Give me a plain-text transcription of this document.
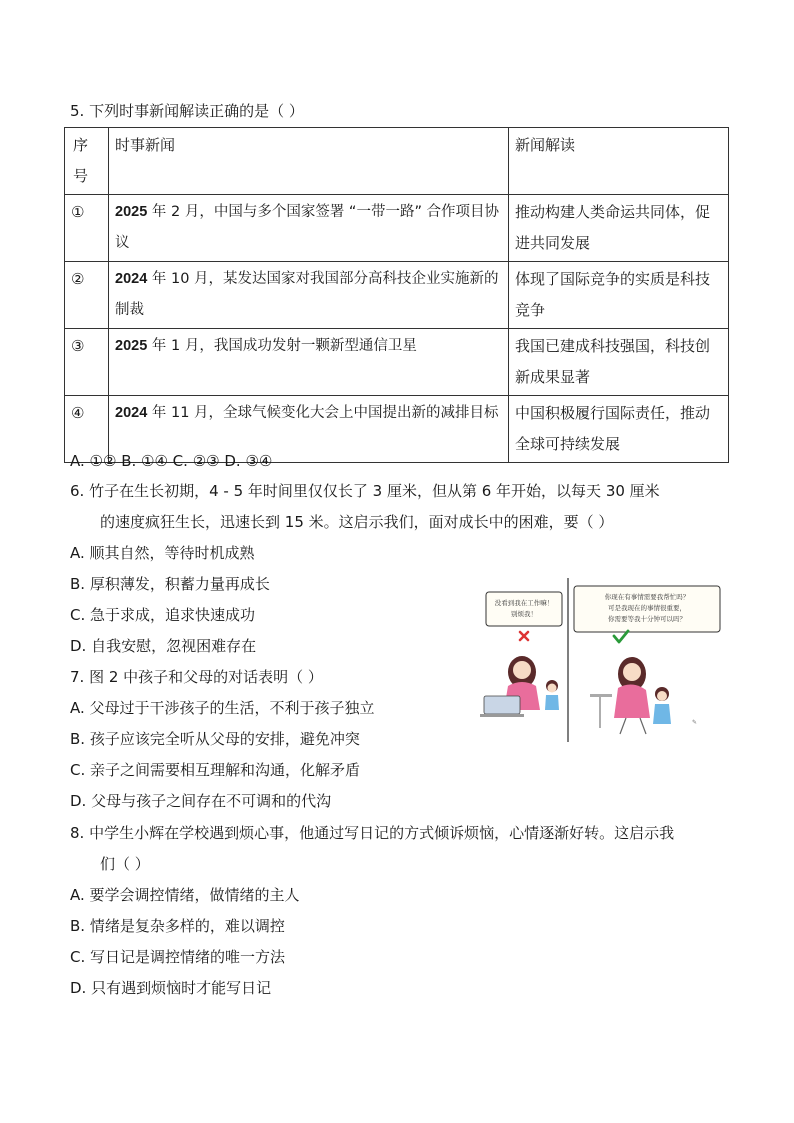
5. 下列时事新闻解读正确的是（ ）
序号	时事新闻	新闻解读
①	2025 年 2 月，中国与多个国家签署 “一带一路” 合作项目协议	推动构建人类命运共同体，促进共同发展
②	2024 年 10 月，某发达国家对我国部分高科技企业实施新的制裁	体现了国际竞争的实质是科技竞争
③	2025 年 1 月，我国成功发射一颗新型通信卫星	我国已建成科技强国，科技创新成果显著
④	2024 年 11 月，全球气候变化大会上中国提出新的减排目标	中国积极履行国际责任，推动全球可持续发展
A. ①② B. ①④ C. ②③ D. ③④
6. 竹子在生长初期，4 - 5 年时间里仅仅长了 3 厘米，但从第 6 年开始，以每天 30 厘米
的速度疯狂生长，迅速长到 15 米。这启示我们，面对成长中的困难，要（ ）
A. 顺其自然，等待时机成熟
B. 厚积薄发，积蓄力量再成长
C. 急于求成，追求快速成功
D. 自我安慰，忽视困难存在
7. 图 2 中孩子和父母的对话表明（ ）
A. 父母过于干涉孩子的生活，不利于孩子独立
B. 孩子应该完全听从父母的安排，避免冲突
C. 亲子之间需要相互理解和沟通，化解矛盾
D. 父母与孩子之间存在不可调和的代沟
没看到我在工作嘛！
别烦我！
你现在有事情需要我帮忙吗？
可是我现在的事情很重要，
你需要等我十分钟可以吗？
✎
8. 中学生小辉在学校遇到烦心事，他通过写日记的方式倾诉烦恼，心情逐渐好转。这启示我
们（ ）
A. 要学会调控情绪，做情绪的主人
B. 情绪是复杂多样的，难以调控
C. 写日记是调控情绪的唯一方法
D. 只有遇到烦恼时才能写日记
